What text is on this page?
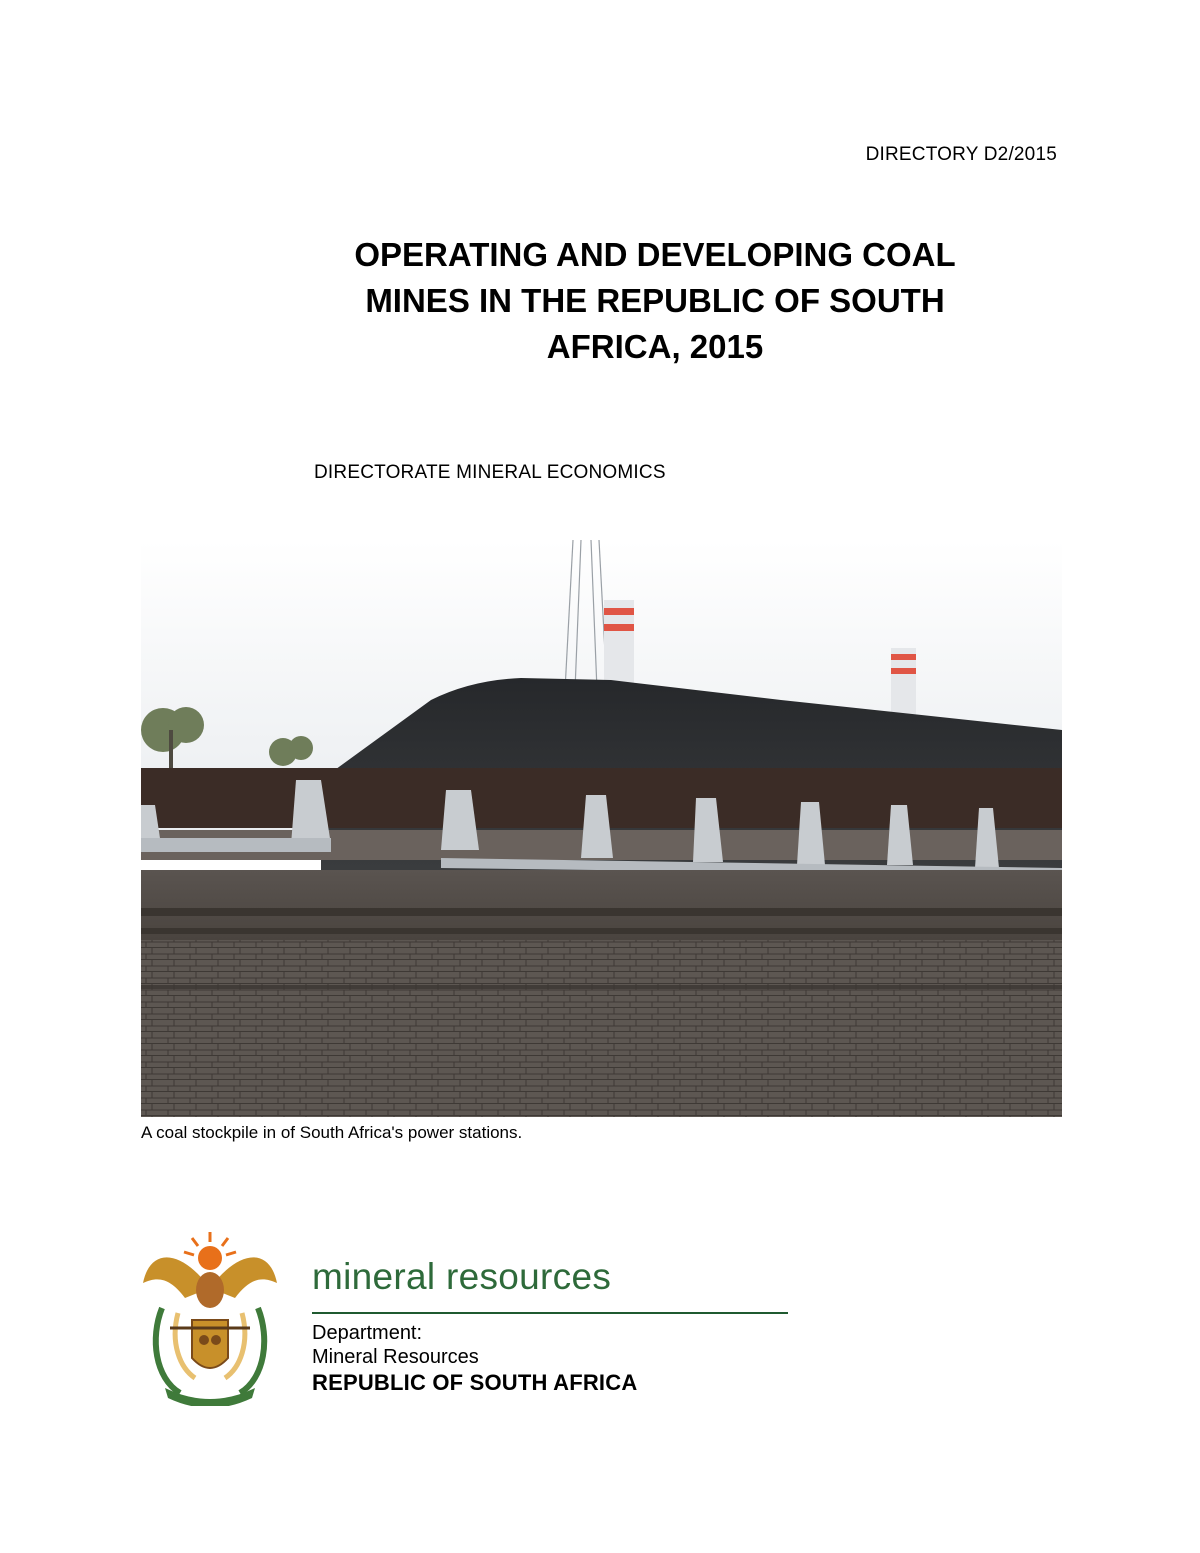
DIRECTORY D2/2015
OPERATING AND DEVELOPING COAL
MINES IN THE REPUBLIC OF SOUTH
AFRICA, 2015
DIRECTORATE MINERAL ECONOMICS
A coal stockpile in of South Africa's power stations.
mineral resources
Department:
Mineral Resources
REPUBLIC OF SOUTH AFRICA
